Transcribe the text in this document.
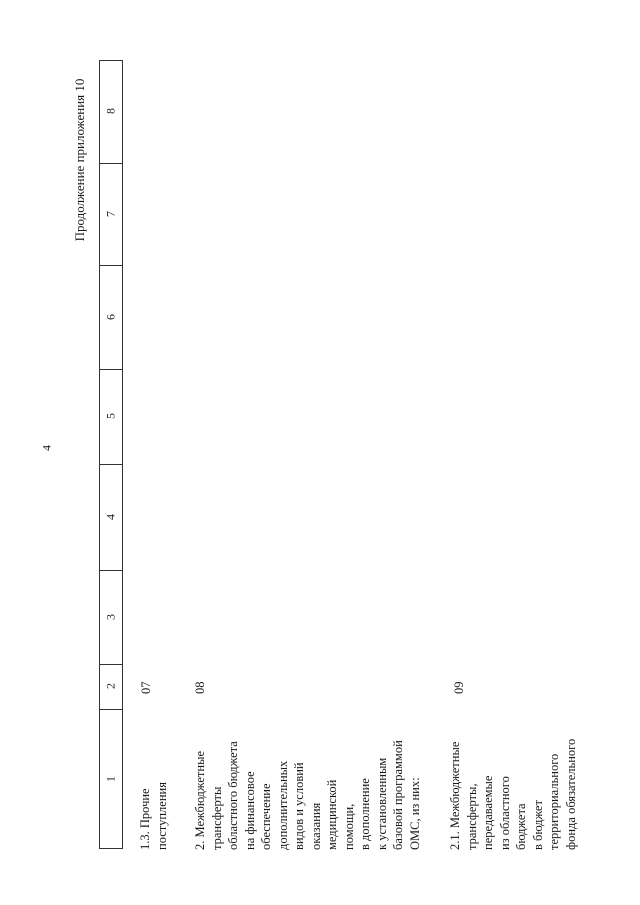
4
Продолжение приложения 10
1
2
3
4
5
6
7
8
1.3. Прочие поступления
07
2. Межбюджетные трансферты областного бюджета на финансовое обеспечение дополнительных видов и условий оказания медицинской помощи, в дополнение к установленным базовой программой ОМС, из них:
08
2.1. Межбюджетные трансферты, передаваемые из областного бюджета в бюджет территориального фонда обязательного
09
